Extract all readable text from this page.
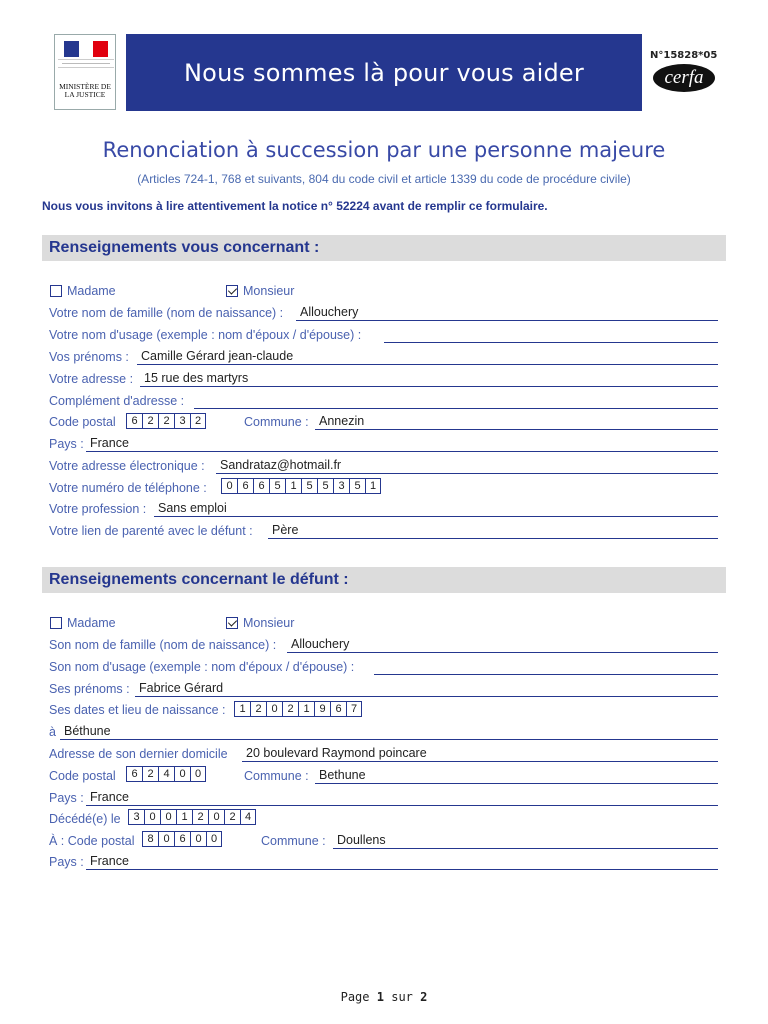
MINISTÈRE DE LA JUSTICE
Nous sommes là pour vous aider
N°15828*05
cerfa
Renonciation à succession par une personne majeure
(Articles 724-1, 768 et suivants, 804 du code civil et article 1339 du code de procédure civile)
Nous vous invitons à lire attentivement la notice n° 52224 avant de remplir ce formulaire.
Renseignements vous concernant :
Madame	Monsieur
Votre nom de famille (nom de naissance) : Allouchery
Votre nom d'usage (exemple : nom d'époux / d'épouse) :
Vos prénoms : Camille Gérard jean-claude
Votre adresse : 15 rue des martyrs
Complément d'adresse :
Code postal	6 2 2 3 2	Commune : Annezin
Pays : France
Votre adresse électronique : Sandrataz@hotmail.fr
Votre numéro de téléphone :	0 6 6 5 1 5 5 3 5 1
Votre profession : Sans emploi
Votre lien de parenté avec le défunt : Père
Renseignements concernant le défunt :
Madame	Monsieur
Son nom de famille (nom de naissance) : Allouchery
Son nom d'usage (exemple : nom d'époux / d'épouse) :
Ses prénoms : Fabrice Gérard
Ses dates et lieu de naissance :	1 2 0 2 1 9 6 7
à Béthune
Adresse de son dernier domicile 20 boulevard Raymond poincare
Code postal	6 2 4 0 0	Commune : Bethune
Pays : France
Décédé(e) le	3 0 0 1 2 0 2 4
À : Code postal	8 0 6 0 0	Commune : Doullens
Pays : France
Page 1 sur 2
